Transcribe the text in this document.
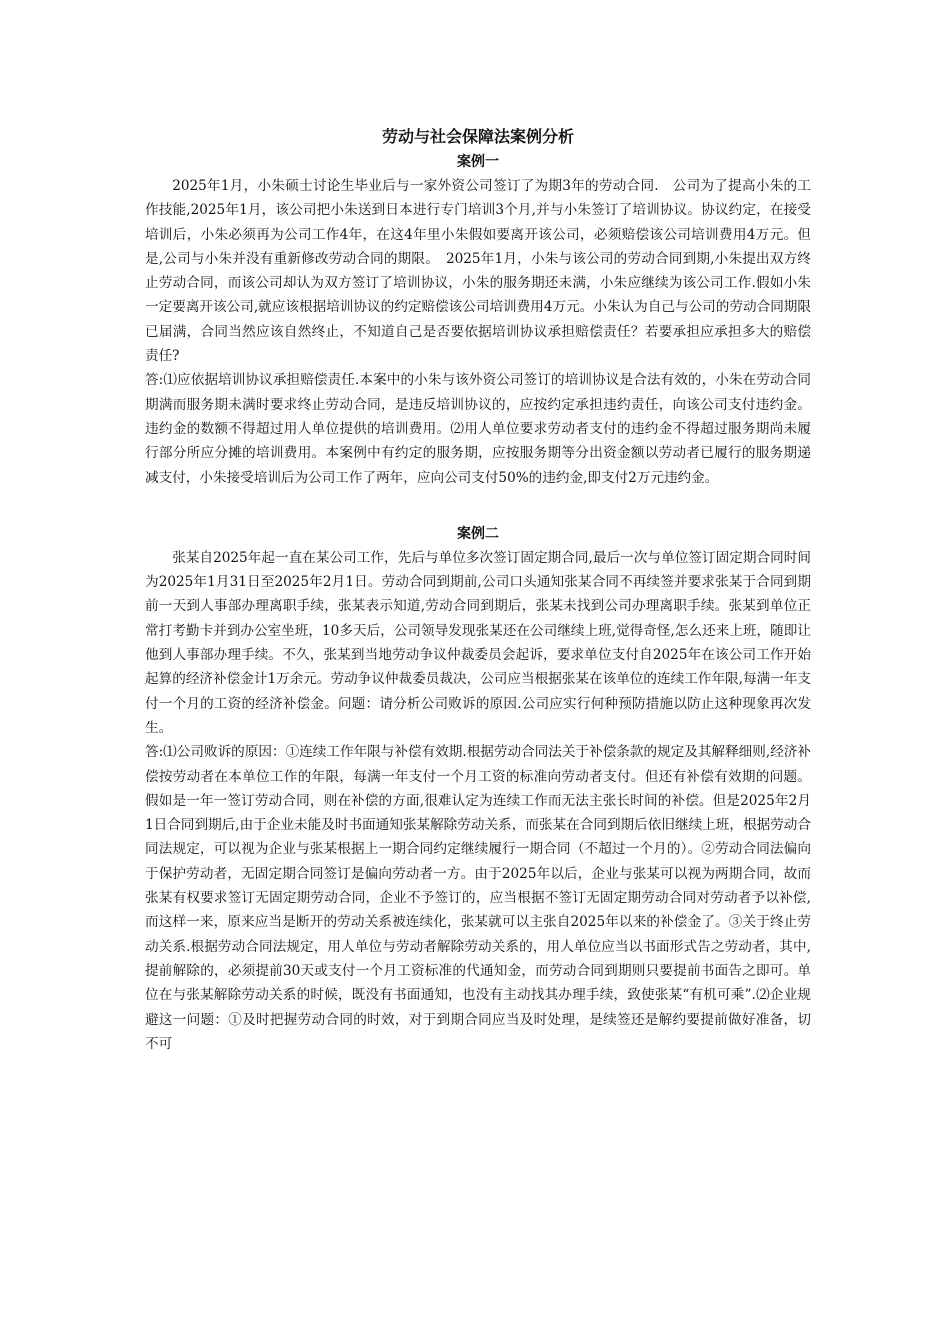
劳动与社会保障法案例分析
案例一

2025年1月，小朱硕士讨论生毕业后与一家外资公司签订了为期3年的劳动合同.　公司为了提高小朱的工作技能,2025年1月，该公司把小朱送到日本进行专门培训3个月,并与小朱签订了培训协议。协议约定，在接受培训后，小朱必须再为公司工作4年，在这4年里小朱假如要离开该公司，必须赔偿该公司培训费用4万元。但是,公司与小朱并没有重新修改劳动合同的期限。　2025年1月，小朱与该公司的劳动合同到期,小朱提出双方终止劳动合同，而该公司却认为双方签订了培训协议，小朱的服务期还未满，小朱应继续为该公司工作.假如小朱一定要离开该公司,就应该根据培训协议的约定赔偿该公司培训费用4万元。小朱认为自己与公司的劳动合同期限已届满，合同当然应该自然终止，不知道自己是否要依据培训协议承担赔偿责任？若要承担应承担多大的赔偿责任?

答:⑴应依据培训协议承担赔偿责任.本案中的小朱与该外资公司签订的培训协议是合法有效的，小朱在劳动合同期满而服务期未满时要求终止劳动合同，是违反培训协议的，应按约定承担违约责任，向该公司支付违约金。违约金的数额不得超过用人单位提供的培训费用。⑵用人单位要求劳动者支付的违约金不得超过服务期尚未履行部分所应分摊的培训费用。本案例中有约定的服务期，应按服务期等分出资金额以劳动者已履行的服务期递减支付，小朱接受培训后为公司工作了两年，应向公司支付50%的违约金,即支付2万元违约金。

案例二

张某自2025年起一直在某公司工作，先后与单位多次签订固定期合同,最后一次与单位签订固定期合同时间为2025年1月31日至2025年2月1日。劳动合同到期前,公司口头通知张某合同不再续签并要求张某于合同到期前一天到人事部办理离职手续，张某表示知道,劳动合同到期后，张某未找到公司办理离职手续。张某到单位正常打考勤卡并到办公室坐班，10多天后，公司领导发现张某还在公司继续上班,觉得奇怪,怎么还来上班，随即让他到人事部办理手续。不久，张某到当地劳动争议仲裁委员会起诉，要求单位支付自2025年在该公司工作开始起算的经济补偿金计1万余元。劳动争议仲裁委员裁决，公司应当根据张某在该单位的连续工作年限,每满一年支付一个月的工资的经济补偿金。问题：请分析公司败诉的原因.公司应实行何种预防措施以防止这种现象再次发生。

答:⑴公司败诉的原因：①连续工作年限与补偿有效期.根据劳动合同法关于补偿条款的规定及其解释细则,经济补偿按劳动者在本单位工作的年限，每满一年支付一个月工资的标准向劳动者支付。但还有补偿有效期的问题。假如是一年一签订劳动合同，则在补偿的方面,很难认定为连续工作而无法主张长时间的补偿。但是2025年2月1日合同到期后,由于企业未能及时书面通知张某解除劳动关系，而张某在合同到期后依旧继续上班，根据劳动合同法规定，可以视为企业与张某根据上一期合同约定继续履行一期合同（不超过一个月的）。②劳动合同法偏向于保护劳动者，无固定期合同签订是偏向劳动者一方。由于2025年以后，企业与张某可以视为两期合同，故而张某有权要求签订无固定期劳动合同，企业不予签订的，应当根据不签订无固定期劳动合同对劳动者予以补偿,而这样一来，原来应当是断开的劳动关系被连续化，张某就可以主张自2025年以来的补偿金了。③关于终止劳动关系.根据劳动合同法规定，用人单位与劳动者解除劳动关系的，用人单位应当以书面形式告之劳动者，其中,提前解除的，必须提前30天或支付一个月工资标准的代通知金，而劳动合同到期则只要提前书面告之即可。单位在与张某解除劳动关系的时候，既没有书面通知，也没有主动找其办理手续，致使张某“有机可乘”.⑵企业规避这一问题：①及时把握劳动合同的时效，对于到期合同应当及时处理，是续签还是解约要提前做好准备，切不可
